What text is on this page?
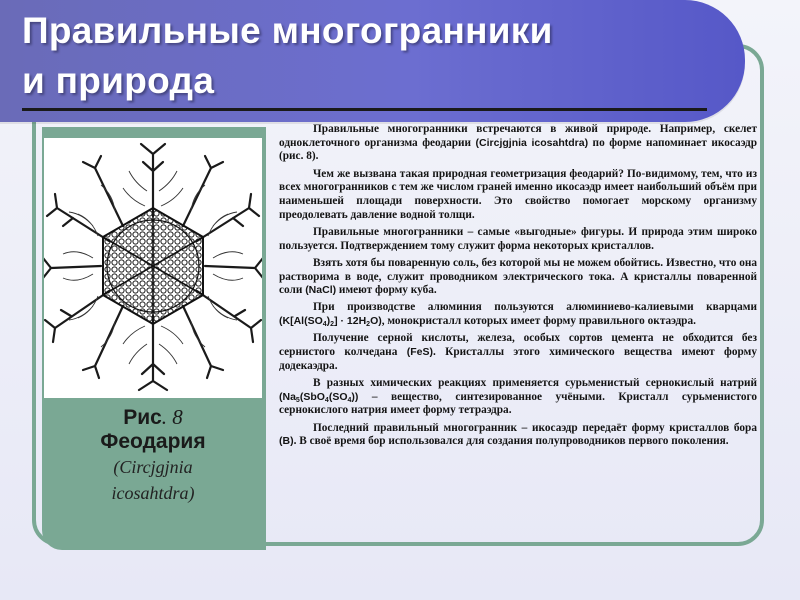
Правильные многогранники
и природа
Рис. 8
Феодария
(Circjgjnia
icosahtdra)

Правильные многогранники встречаются в живой природе. Например, скелет одноклеточного организма феодарии (Circjgjnia icosahtdra) по форме напоминает икосаэдр (рис. 8).

Чем же вызвана такая природная геометризация феодарий? По-видимому, тем, что из всех многогранников с тем же числом граней именно икосаэдр имеет наибольший объём при наименьшей площади поверхности. Это свойство помогает морскому организму преодолевать давление водной толщи.

Правильные многогранники – самые «выгодные» фигуры. И природа этим широко пользуется. Подтверждением тому служит форма некоторых кристаллов.

Взять хотя бы поваренную соль, без которой мы не можем обойтись. Известно, что она растворима в воде, служит проводником электрического тока. А кристаллы поваренной соли (NaCl) имеют форму куба.

При производстве алюминия пользуются алюминиево-калиевыми кварцами $(K[Al(SO_4)_2] \cdot 12H_2O)$, монокристалл которых имеет форму правильного октаэдра.

Получение серной кислоты, железа, особых сортов цемента не обходится без сернистого колчедана (FeS). Кристаллы этого химического вещества имеют форму додекаэдра.

В разных химических реакциях применяется сурьменистый сернокислый натрий ($Na_5(SbO_4(SO_4))$ – вещество, синтезированное учёными. Кристалл сурьменистого сернокислого натрия имеет форму тетраэдра.

Последний правильный многогранник – икосаэдр передаёт форму кристаллов бора (B). В своё время бор использовался для создания полупроводников первого поколения.
